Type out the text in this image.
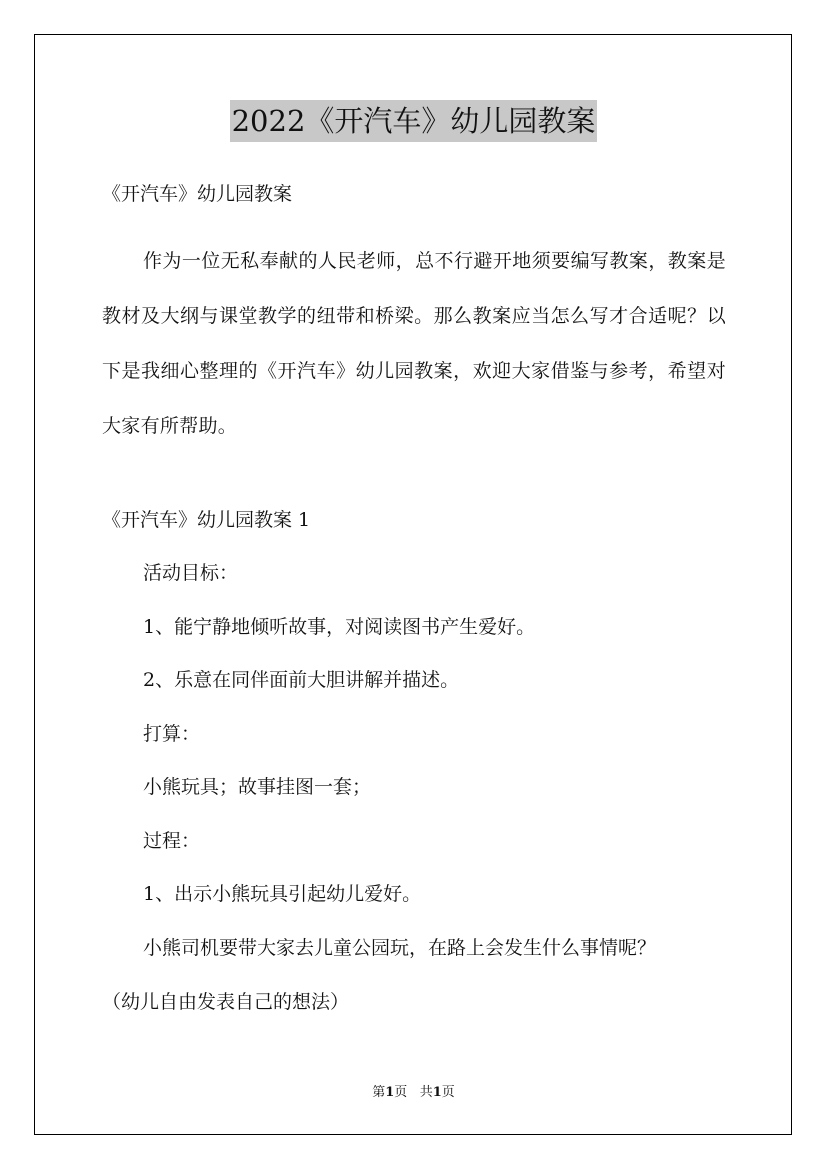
2022《开汽车》幼儿园教案

《开汽车》幼儿园教案

作为一位无私奉献的人民老师，总不行避开地须要编写教案，教案是教材及大纲与课堂教学的纽带和桥梁。那么教案应当怎么写才合适呢？以下是我细心整理的《开汽车》幼儿园教案，欢迎大家借鉴与参考，希望对大家有所帮助。

《开汽车》幼儿园教案 1

活动目标：

1、能宁静地倾听故事，对阅读图书产生爱好。

2、乐意在同伴面前大胆讲解并描述。

打算：

小熊玩具；故事挂图一套；

过程：

1、出示小熊玩具引起幼儿爱好。

小熊司机要带大家去儿童公园玩，在路上会发生什么事情呢？

（幼儿自由发表自己的想法）

第1页   共1页
